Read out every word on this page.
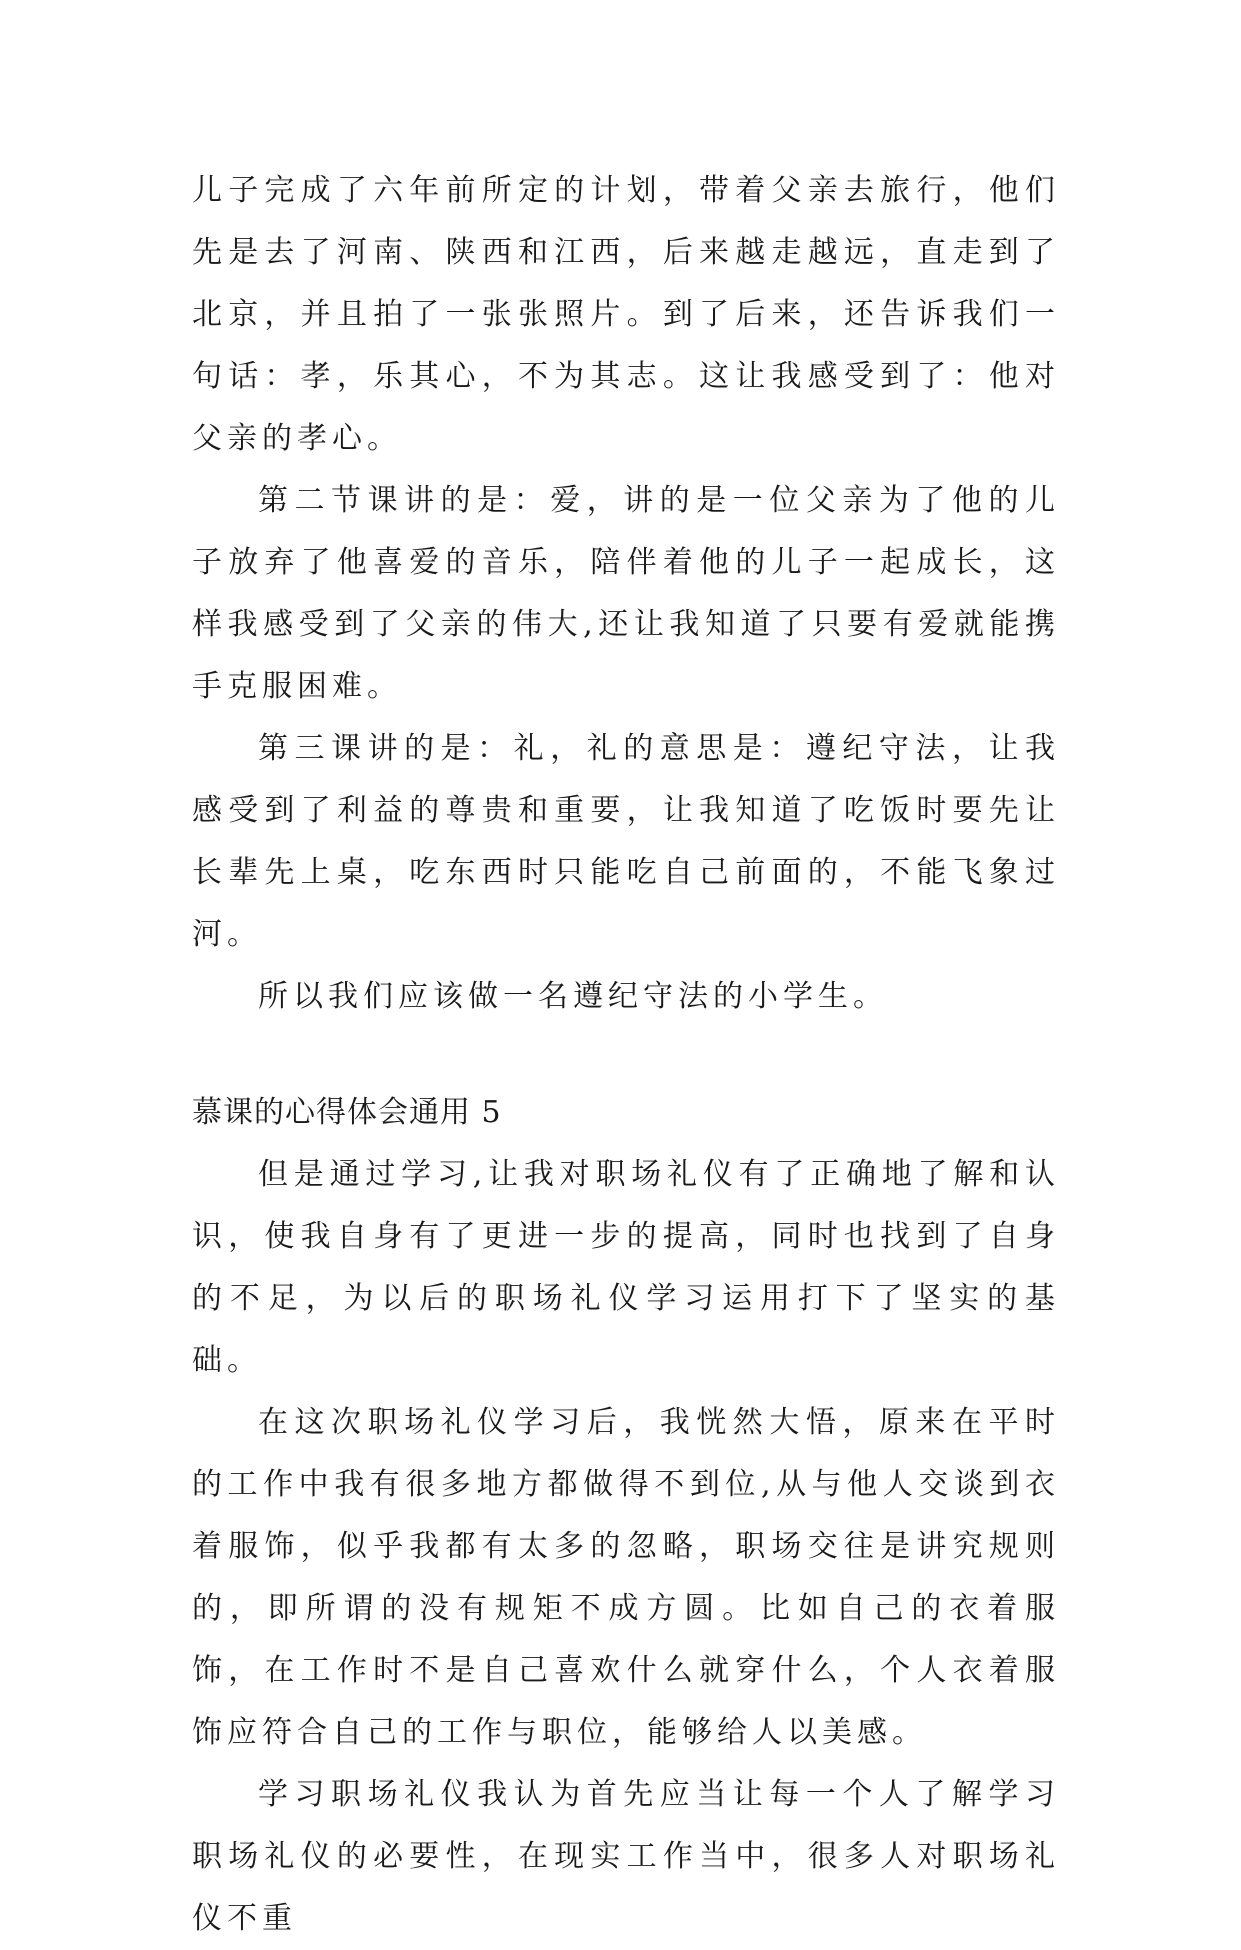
儿子完成了六年前所定的计划，带着父亲去旅行，他们先是去了河南、陕西和江西，后来越走越远，直走到了北京，并且拍了一张张照片。到了后来，还告诉我们一句话：孝，乐其心，不为其志。这让我感受到了：他对父亲的孝心。

第二节课讲的是：爱，讲的是一位父亲为了他的儿子放弃了他喜爱的音乐，陪伴着他的儿子一起成长，这样我感受到了父亲的伟大,还让我知道了只要有爱就能携手克服困难。

第三课讲的是：礼，礼的意思是：遵纪守法，让我感受到了利益的尊贵和重要，让我知道了吃饭时要先让长辈先上桌，吃东西时只能吃自己前面的，不能飞象过河。

所以我们应该做一名遵纪守法的小学生。

慕课的心得体会通用 5

但是通过学习,让我对职场礼仪有了正确地了解和认识，使我自身有了更进一步的提高，同时也找到了自身的不足，为以后的职场礼仪学习运用打下了坚实的基础。

在这次职场礼仪学习后，我恍然大悟，原来在平时的工作中我有很多地方都做得不到位,从与他人交谈到衣着服饰，似乎我都有太多的忽略，职场交往是讲究规则的，即所谓的没有规矩不成方圆。比如自己的衣着服饰，在工作时不是自己喜欢什么就穿什么，个人衣着服饰应符合自己的工作与职位，能够给人以美感。

学习职场礼仪我认为首先应当让每一个人了解学习职场礼仪的必要性，在现实工作当中，很多人对职场礼仪不重
